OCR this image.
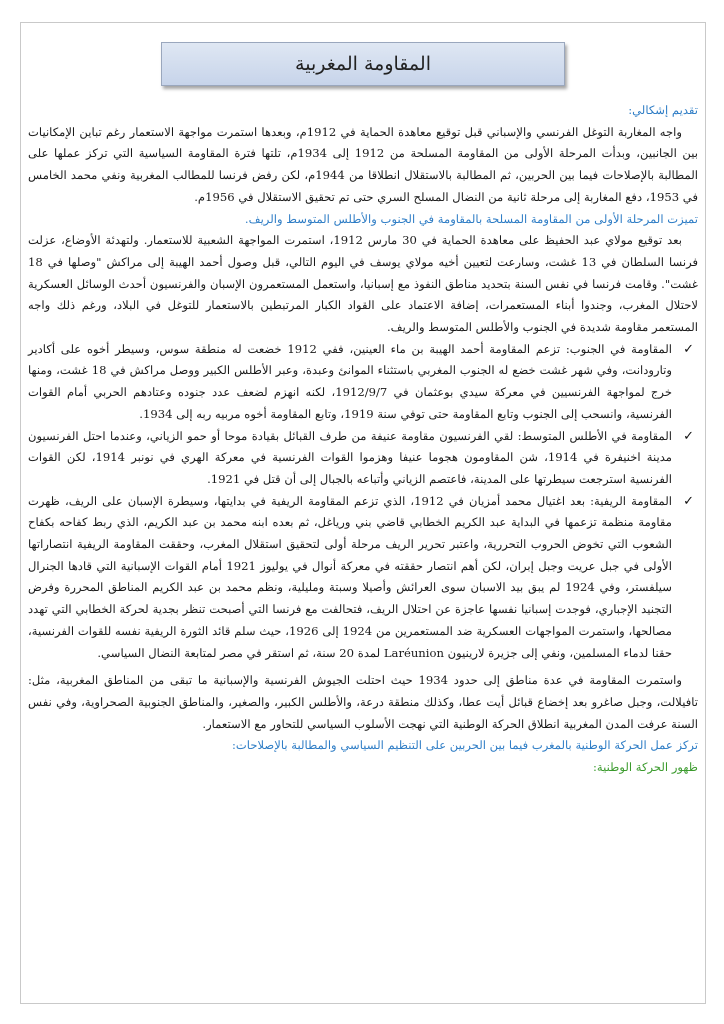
المقاومة المغربية
تقديم إشكالي:

واجه المغاربة التوغل الفرنسي والإسباني قبل توقيع معاهدة الحماية في 1912م، وبعدها استمرت مواجهة الاستعمار رغم تباين الإمكانيات بين الجانبين، وبدأت المرحلة الأولى من المقاومة المسلحة من 1912 إلى 1934م، تلتها فترة المقاومة السياسية التي تركز عملها على المطالبة بالإصلاحات فيما بين الحربين، ثم المطالبة بالاستقلال انطلاقا من 1944م، لكن رفض فرنسا للمطالب المغربية ونفي محمد الخامس في 1953، دفع المغاربة إلى مرحلة ثانية من النضال المسلح السري حتى تم تحقيق الاستقلال في 1956م.

تميزت المرحلة الأولى من المقاومة المسلحة بالمقاومة في الجنوب والأطلس المتوسط والريف.

بعد توقيع مولاي عبد الحفيظ على معاهدة الحماية في 30 مارس 1912، استمرت المواجهة الشعبية للاستعمار. ولتهدئة الأوضاع، عزلت فرنسا السلطان في 13 غشت، وسارعت لتعيين أخيه مولاي يوسف في اليوم التالي، قبل وصول أحمد الهيبة إلى مراكش "وصلها في 18 غشت". وقامت فرنسا في نفس السنة بتحديد مناطق النفوذ مع إسبانيا، واستعمل المستعمرون الإسبان والفرنسيون أحدث الوسائل العسكرية لاحتلال المغرب، وجندوا أبناء المستعمرات، إضافة الاعتماد على القواد الكبار المرتبطين بالاستعمار للتوغل في البلاد، ورغم ذلك واجه المستعمر مقاومة شديدة في الجنوب والأطلس المتوسط والريف.

✓
المقاومة في الجنوب: تزعم المقاومة أحمد الهيبة بن ماء العينين، ففي 1912 خضعت له منطقة سوس، وسيطر أخوه على أكادير وتارودانت، وفي شهر غشت خضع له الجنوب المغربي باستثناء الموانئ وعبدة، وعبر الأطلس الكبير ووصل مراكش في 18 غشت، ومنها خرج لمواجهة الفرنسيين في معركة سيدي بوعثمان في 1912/9/7، لكنه انهزم لضعف عدد جنوده وعتادهم الحربي أمام القوات الفرنسية، وانسحب إلى الجنوب وتابع المقاومة حتى توفي سنة 1919، وتابع المقاومة أخوه مربيه ربه إلى 1934.
✓
المقاومة في الأطلس المتوسط: لقي الفرنسيون مقاومة عنيفة من طرف القبائل بقيادة موحا أو حمو الزياني، وعندما احتل الفرنسيون مدينة اخنيفرة في 1914، شن المقاومون هجوما عنيفا وهزموا القوات الفرنسية في معركة الهري في نونبر 1914، لكن القوات الفرنسية استرجعت سيطرتها على المدينة، فاعتصم الزياني وأتباعه بالجبال إلى أن قتل في 1921.
✓
المقاومة الريفية: بعد اغتيال محمد أمزيان في 1912، الذي تزعم المقاومة الريفية في بدايتها، وسيطرة الإسبان على الريف، ظهرت مقاومة منظمة تزعمها في البداية عبد الكريم الخطابي قاضي بني ورياغل، ثم بعده ابنه محمد بن عبد الكريم، الذي ربط كفاحه بكفاح الشعوب التي تخوض الحروب التحررية، واعتبر تحرير الريف مرحلة أولى لتحقيق استقلال المغرب، وحققت المقاومة الريفية انتصاراتها الأولى في جبل عريت وجبل إبران، لكن أهم انتصار حققته في معركة أنوال في يوليوز 1921 أمام القوات الإسبانية التي قادها الجنرال سيلفستر، وفي 1924 لم يبق بيد الاسبان سوى العرائش وأصيلا وسبتة ومليلية، ونظم محمد بن عبد الكريم المناطق المحررة وفرض التجنيد الإجباري، فوجدت إسبانيا نفسها عاجزة عن احتلال الريف، فتحالفت مع فرنسا التي أصبحت تنظر بجدية لحركة الخطابي التي تهدد مصالحها، واستمرت المواجهات العسكرية ضد المستعمرين من 1924 إلى 1926، حيث سلم قائد الثورة الريفية نفسه للقوات الفرنسية، حقنا لدماء المسلمين، ونفي إلى جزيرة لارينيون Laréunion لمدة 20 سنة، ثم استقر في مصر لمتابعة النضال السياسي.

واستمرت المقاومة في عدة مناطق إلى حدود 1934 حيث احتلت الجيوش الفرنسية والإسبانية ما تبقى من المناطق المغربية، مثل: تافيلالت، وجبل صاغرو بعد إخضاع قبائل أيت عطا، وكذلك منطقة درعة، والأطلس الكبير، والصغير، والمناطق الجنوبية الصحراوية، وفي نفس السنة عرفت المدن المغربية انطلاق الحركة الوطنية التي نهجت الأسلوب السياسي للتحاور مع الاستعمار.

تركز عمل الحركة الوطنية بالمغرب فيما بين الحربين على التنظيم السياسي والمطالبة بالإصلاحات:
ظهور الحركة الوطنية:
